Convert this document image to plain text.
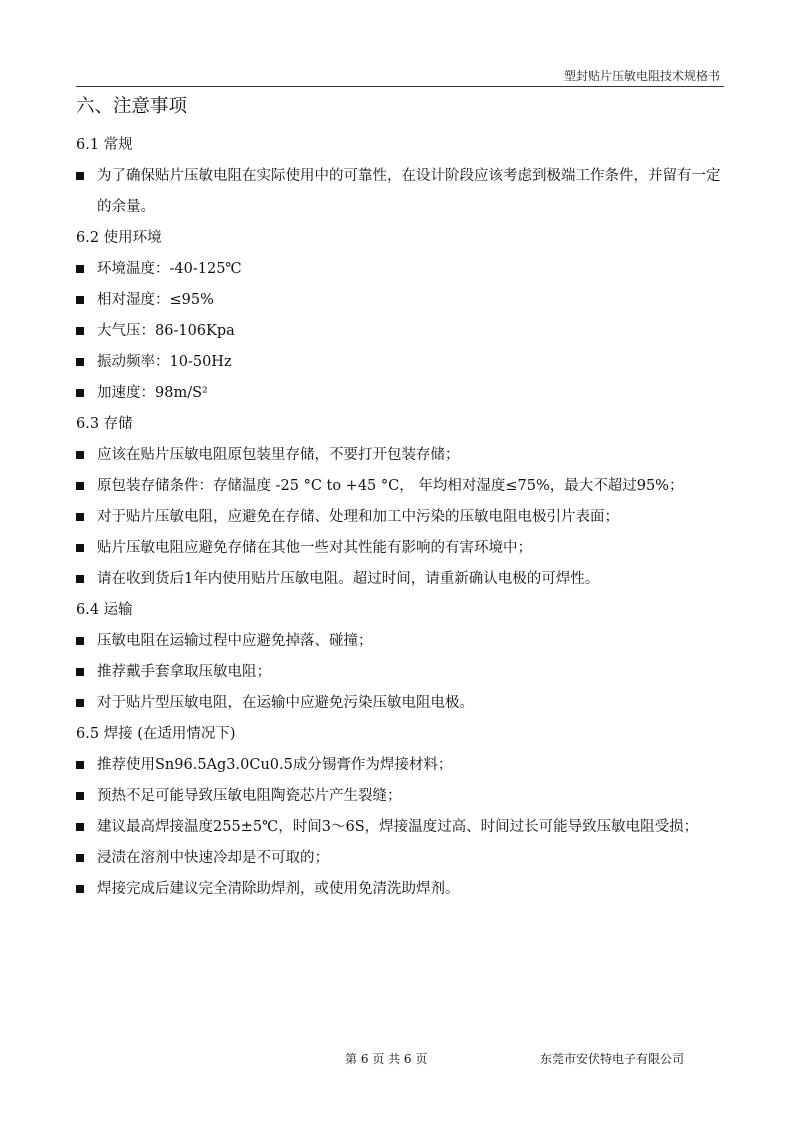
塑封贴片压敏电阻技术规格书
六、注意事项
6.1 常规
为了确保贴片压敏电阻在实际使用中的可靠性，在设计阶段应该考虑到极端工作条件，并留有一定的余量。
6.2 使用环境
环境温度：-40-125℃
相对湿度：≤95%
大气压：86-106Kpa
振动频率：10-50Hz
加速度：98m/S²
6.3 存储
应该在贴片压敏电阻原包装里存储，不要打开包装存储；
原包装存储条件：存储温度 -25 °C to +45 °C， 年均相对湿度≤75%，最大不超过95%；
对于贴片压敏电阻，应避免在存储、处理和加工中污染的压敏电阻电极引片表面；
贴片压敏电阻应避免存储在其他一些对其性能有影响的有害环境中；
请在收到货后1年内使用贴片压敏电阻。超过时间，请重新确认电极的可焊性。
6.4 运输
压敏电阻在运输过程中应避免掉落、碰撞；
推荐戴手套拿取压敏电阻；
对于贴片型压敏电阻，在运输中应避免污染压敏电阻电极。
6.5 焊接 (在适用情况下)
推荐使用Sn96.5Ag3.0Cu0.5成分锡膏作为焊接材料；
预热不足可能导致压敏电阻陶瓷芯片产生裂缝；
建议最高焊接温度255±5℃，时间3～6S，焊接温度过高、时间过长可能导致压敏电阻受损；
浸渍在溶剂中快速冷却是不可取的；
焊接完成后建议完全清除助焊剂，或使用免清洗助焊剂。
第 6 页 共 6 页	东莞市安伏特电子有限公司
